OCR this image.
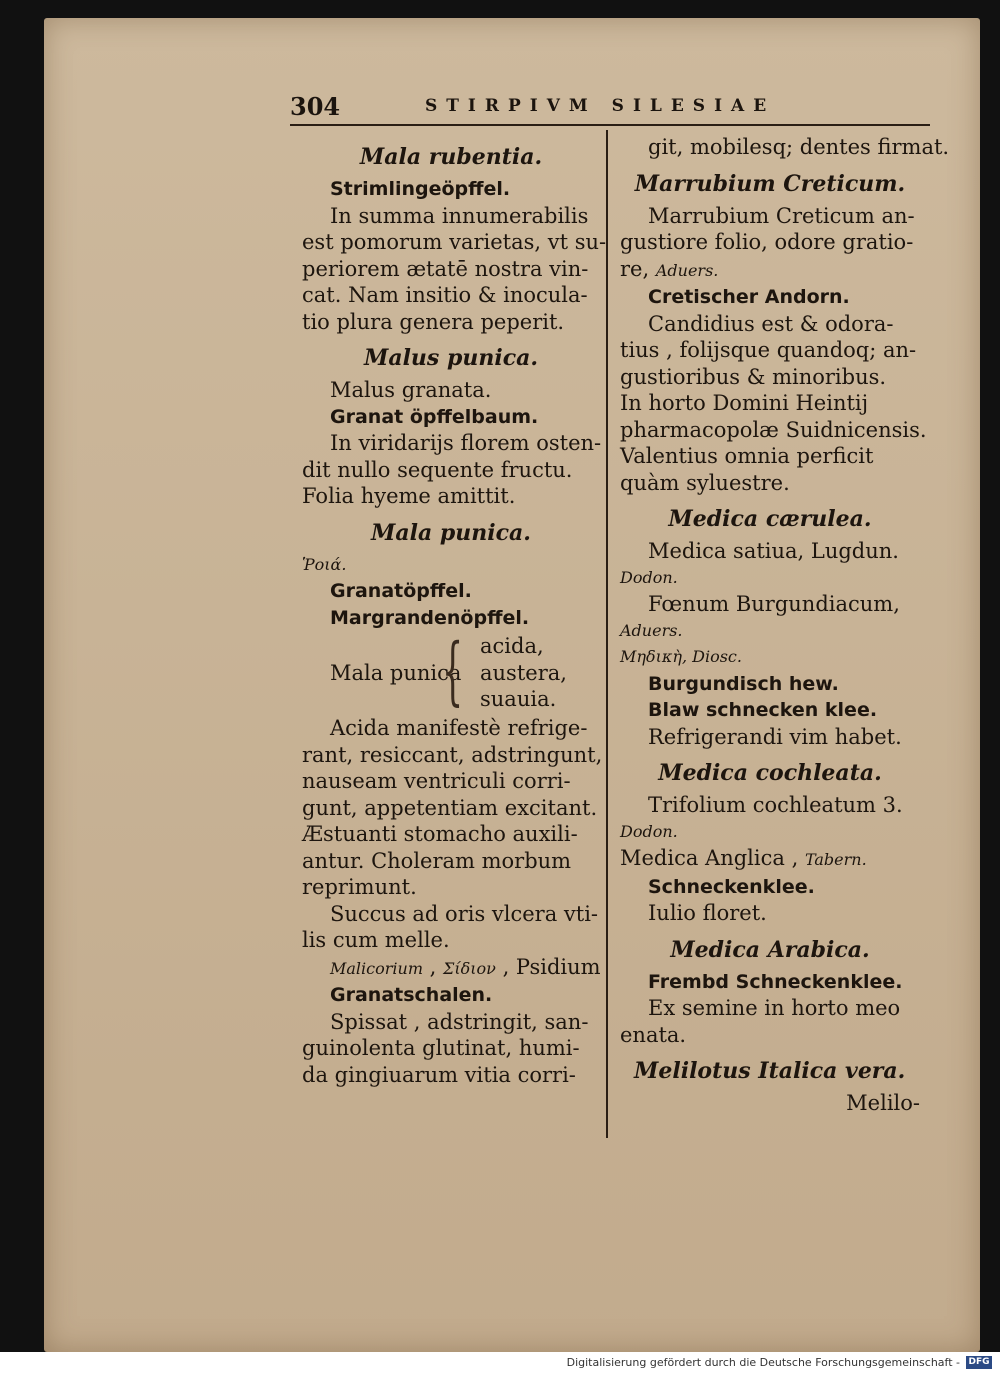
304	STIRPIVM SILESIAE
Mala rubentia.
Strimlingeöpffel.
In summa innumerabilis
est pomorum varietas, vt su-
periorem ætatē nostra vin-
cat. Nam insitio & inocula-
tio plura genera peperit.
Malus punica.
Malus granata.
Granat öpffelbaum.
In viridarijs florem osten-
dit nullo sequente fructu.
Folia hyeme amittit.
Mala punica.
Ῥοιά.
Granatöpffel.
Margrandenöpffel.
Mala punica
{ acida,
austera,
suauia.
Acida manifestè refrige-
rant, resiccant, adstringunt,
nauseam ventriculi corri-
gunt, appetentiam excitant.
Æstuanti stomacho auxili-
antur. Choleram morbum
reprimunt.
Succus ad oris vlcera vti-
lis cum melle.
Malicorium , Σίδιον , Psidium
Granatschalen.
Spissat , adstringit, san-
guinolenta glutinat, humi-
da gingiuarum vitia corri-
git, mobilesq; dentes firmat.
Marrubium Creticum.
Marrubium Creticum an-
gustiore folio, odore gratio-
re, Aduers.
Cretischer Andorn.
Candidius est & odora-
tius , folijsque quandoq; an-
gustioribus & minoribus.
In horto Domini Heintij
pharmacopolæ Suidnicensis.
Valentius omnia perficit
quàm syluestre.
Medica cærulea.
Medica satiua, Lugdun.
Dodon.
Fœnum Burgundiacum,
Aduers.
Μηδικὴ, Diosc.
Burgundisch hew.
Blaw schnecken klee.
Refrigerandi vim habet.
Medica cochleata.
Trifolium cochleatum 3.
Dodon.
Medica Anglica , Tabern.
Schneckenklee.
Iulio floret.
Medica Arabica.
Frembd Schneckenklee.
Ex semine in horto meo
enata.
Melilotus Italica vera.
Melilo-
Digitalisierung gefördert durch die Deutsche Forschungsgemeinschaft - DFG
